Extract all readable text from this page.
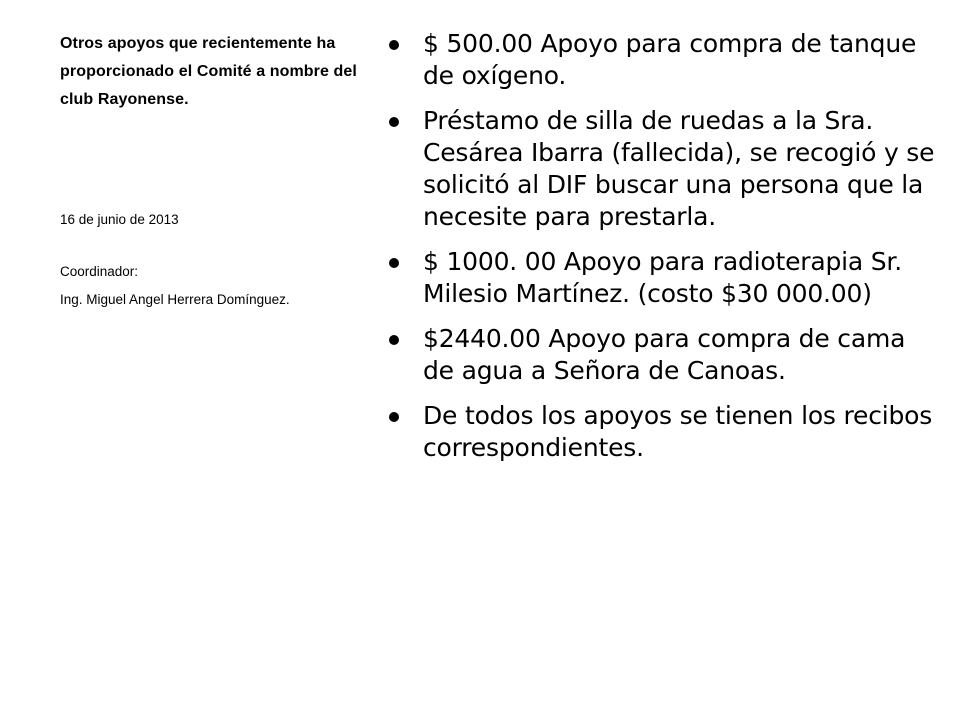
Otros apoyos que recientemente ha proporcionado el Comité a nombre del club Rayonense.
16 de junio de 2013
Coordinador:
Ing. Miguel Angel Herrera Domínguez.
$ 500.00 Apoyo para compra de tanque de oxígeno.
Préstamo de silla de ruedas a la Sra. Cesárea Ibarra (fallecida), se recogió y se solicitó al DIF buscar una persona que la necesite para prestarla.
$ 1000. 00 Apoyo para radioterapia Sr. Milesio Martínez. (costo $30 000.00)
$2440.00 Apoyo para compra de cama de agua a Señora de Canoas.
De todos los apoyos se tienen los recibos correspondientes.
